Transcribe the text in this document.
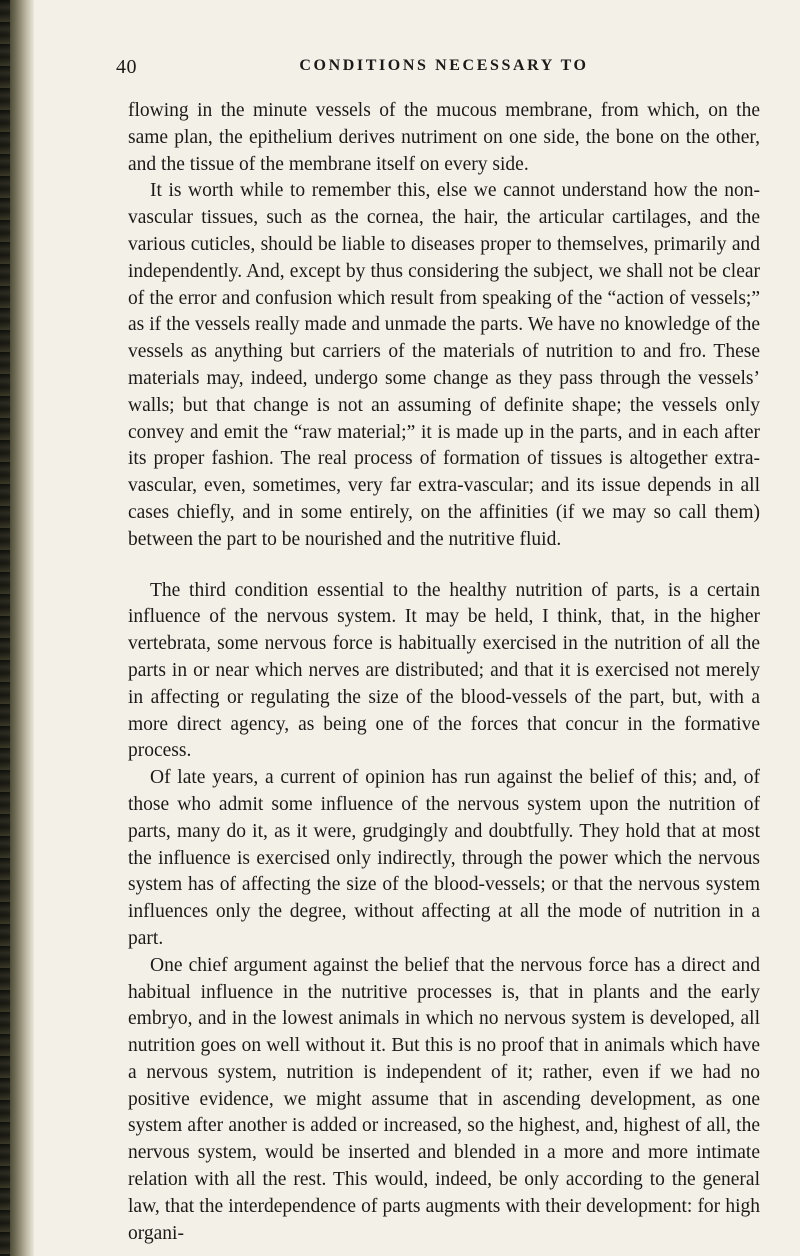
40	CONDITIONS NECESSARY TO

flowing in the minute vessels of the mucous membrane, from which, on the same plan, the epithelium derives nutriment on one side, the bone on the other, and the tissue of the membrane itself on every side.

It is worth while to remember this, else we cannot understand how the non-vascular tissues, such as the cornea, the hair, the articular cartilages, and the various cuticles, should be liable to diseases proper to themselves, primarily and independently. And, except by thus considering the subject, we shall not be clear of the error and confusion which result from speaking of the “action of vessels;” as if the vessels really made and unmade the parts. We have no knowledge of the vessels as anything but carriers of the materials of nutrition to and fro. These materials may, indeed, undergo some change as they pass through the vessels’ walls; but that change is not an assuming of definite shape; the vessels only convey and emit the “raw material;” it is made up in the parts, and in each after its proper fashion. The real process of formation of tissues is altogether extra-vascular, even, sometimes, very far extra-vascular; and its issue depends in all cases chiefly, and in some entirely, on the affinities (if we may so call them) between the part to be nourished and the nutritive fluid.

The third condition essential to the healthy nutrition of parts, is a certain influence of the nervous system. It may be held, I think, that, in the higher vertebrata, some nervous force is habitually exercised in the nutrition of all the parts in or near which nerves are distributed; and that it is exercised not merely in affecting or regulating the size of the blood-vessels of the part, but, with a more direct agency, as being one of the forces that concur in the formative process.

Of late years, a current of opinion has run against the belief of this; and, of those who admit some influence of the nervous system upon the nutrition of parts, many do it, as it were, grudgingly and doubtfully. They hold that at most the influence is exercised only indirectly, through the power which the nervous system has of affecting the size of the blood-vessels; or that the nervous system influences only the degree, without affecting at all the mode of nutrition in a part.

One chief argument against the belief that the nervous force has a direct and habitual influence in the nutritive processes is, that in plants and the early embryo, and in the lowest animals in which no nervous system is developed, all nutrition goes on well without it. But this is no proof that in animals which have a nervous system, nutrition is independent of it; rather, even if we had no positive evidence, we might assume that in ascending development, as one system after another is added or increased, so the highest, and, highest of all, the nervous system, would be inserted and blended in a more and more intimate relation with all the rest. This would, indeed, be only according to the general law, that the interdependence of parts augments with their development: for high organi-
